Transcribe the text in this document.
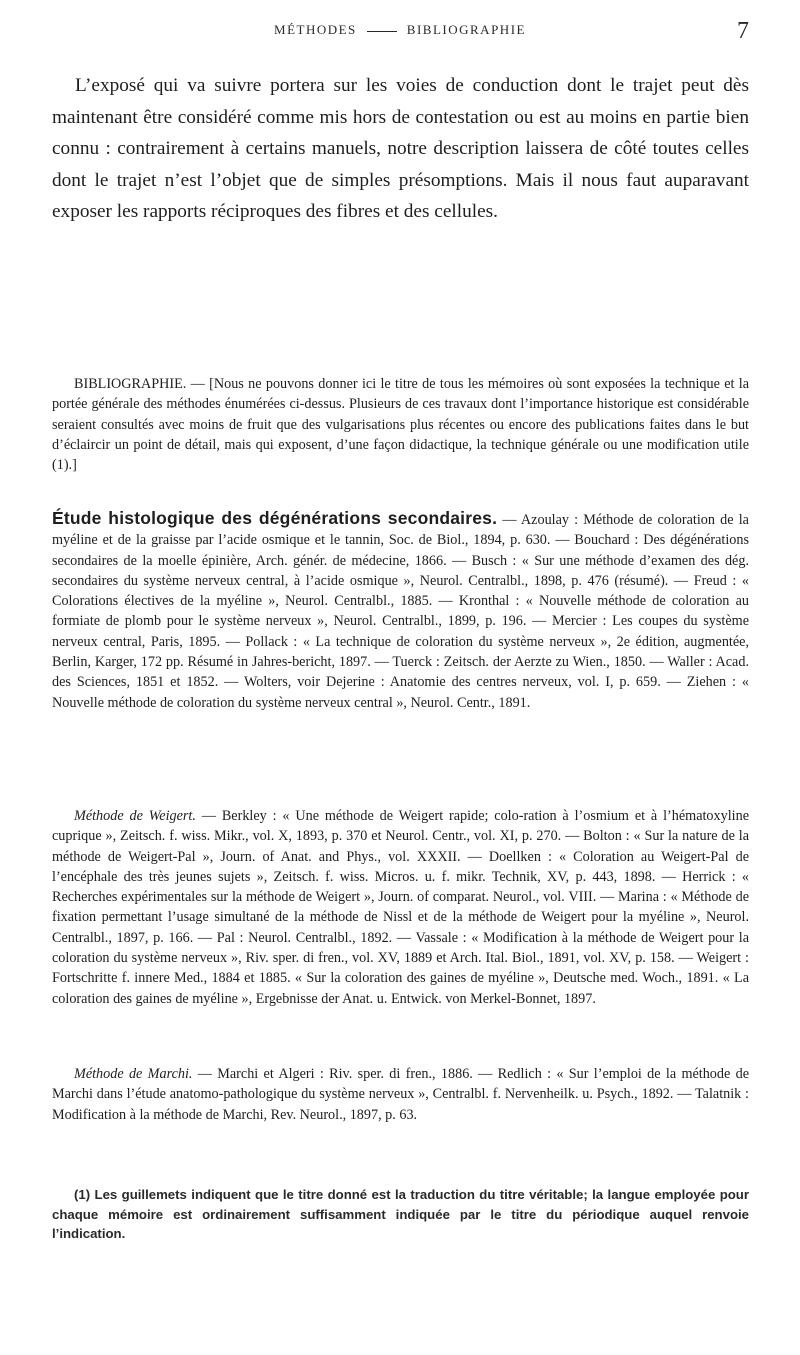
MÉTHODES	BIBLIOGRAPHIE	7

L’exposé qui va suivre portera sur les voies de conduction dont le trajet peut dès maintenant être considéré comme mis hors de contestation ou est au moins en partie bien connu : contrairement à certains manuels, notre description laissera de côté toutes celles dont le trajet n’est l’objet que de simples présomptions. Mais il nous faut auparavant exposer les rapports réciproques des fibres et des cellules.

BIBLIOGRAPHIE. — [Nous ne pouvons donner ici le titre de tous les mémoires où sont exposées la technique et la portée générale des méthodes énumérées ci-dessus. Plusieurs de ces travaux dont l’importance historique est considérable seraient consultés avec moins de fruit que des vulgarisations plus récentes ou encore des publications faites dans le but d’éclaircir un point de détail, mais qui exposent, d’une façon didactique, la technique générale ou une modification utile (1).]

Étude histologique des dégénérations secondaires. — Azoulay : Méthode de coloration de la myéline et de la graisse par l’acide osmique et le tannin, Soc. de Biol., 1894, p. 630. — Bouchard : Des dégénérations secondaires de la moelle épinière, Arch. génér. de médecine, 1866. — Busch : « Sur une méthode d’examen des dég. secondaires du système nerveux central, à l’acide osmique », Neurol. Centralbl., 1898, p. 476 (résumé). — Freud : « Colorations électives de la myéline », Neurol. Centralbl., 1885. — Kronthal : « Nouvelle méthode de coloration au formiate de plomb pour le système nerveux », Neurol. Centralbl., 1899, p. 196. — Mercier : Les coupes du système nerveux central, Paris, 1895. — Pollack : « La technique de coloration du système nerveux », 2e édition, augmentée, Berlin, Karger, 172 pp. Résumé in Jahres-bericht, 1897. — Tuerck : Zeitsch. der Aerzte zu Wien., 1850. — Waller : Acad. des Sciences, 1851 et 1852. — Wolters, voir Dejerine : Anatomie des centres nerveux, vol. I, p. 659. — Ziehen : « Nouvelle méthode de coloration du système nerveux central », Neurol. Centr., 1891.

Méthode de Weigert. — Berkley : « Une méthode de Weigert rapide; colo-ration à l’osmium et à l’hématoxyline cuprique », Zeitsch. f. wiss. Mikr., vol. X, 1893, p. 370 et Neurol. Centr., vol. XI, p. 270. — Bolton : « Sur la nature de la méthode de Weigert-Pal », Journ. of Anat. and Phys., vol. XXXII. — Doellken : « Coloration au Weigert-Pal de l’encéphale des très jeunes sujets », Zeitsch. f. wiss. Micros. u. f. mikr. Technik, XV, p. 443, 1898. — Herrick : « Recherches expérimentales sur la méthode de Weigert », Journ. of comparat. Neurol., vol. VIII. — Marina : « Méthode de fixation permettant l’usage simultané de la méthode de Nissl et de la méthode de Weigert pour la myéline », Neurol. Centralbl., 1897, p. 166. — Pal : Neurol. Centralbl., 1892. — Vassale : « Modification à la méthode de Weigert pour la coloration du système nerveux », Riv. sper. di fren., vol. XV, 1889 et Arch. Ital. Biol., 1891, vol. XV, p. 158. — Weigert : Fortschritte f. innere Med., 1884 et 1885. « Sur la coloration des gaines de myéline », Deutsche med. Woch., 1891. « La coloration des gaines de myéline », Ergebnisse der Anat. u. Entwick. von Merkel-Bonnet, 1897.

Méthode de Marchi. — Marchi et Algeri : Riv. sper. di fren., 1886. — Redlich : « Sur l’emploi de la méthode de Marchi dans l’étude anatomo-pathologique du système nerveux », Centralbl. f. Nervenheilk. u. Psych., 1892. — Talatnik : Modification à la méthode de Marchi, Rev. Neurol., 1897, p. 63.

(1) Les guillemets indiquent que le titre donné est la traduction du titre véritable; la langue employée pour chaque mémoire est ordinairement suffisamment indiquée par le titre du périodique auquel renvoie l’indication.
